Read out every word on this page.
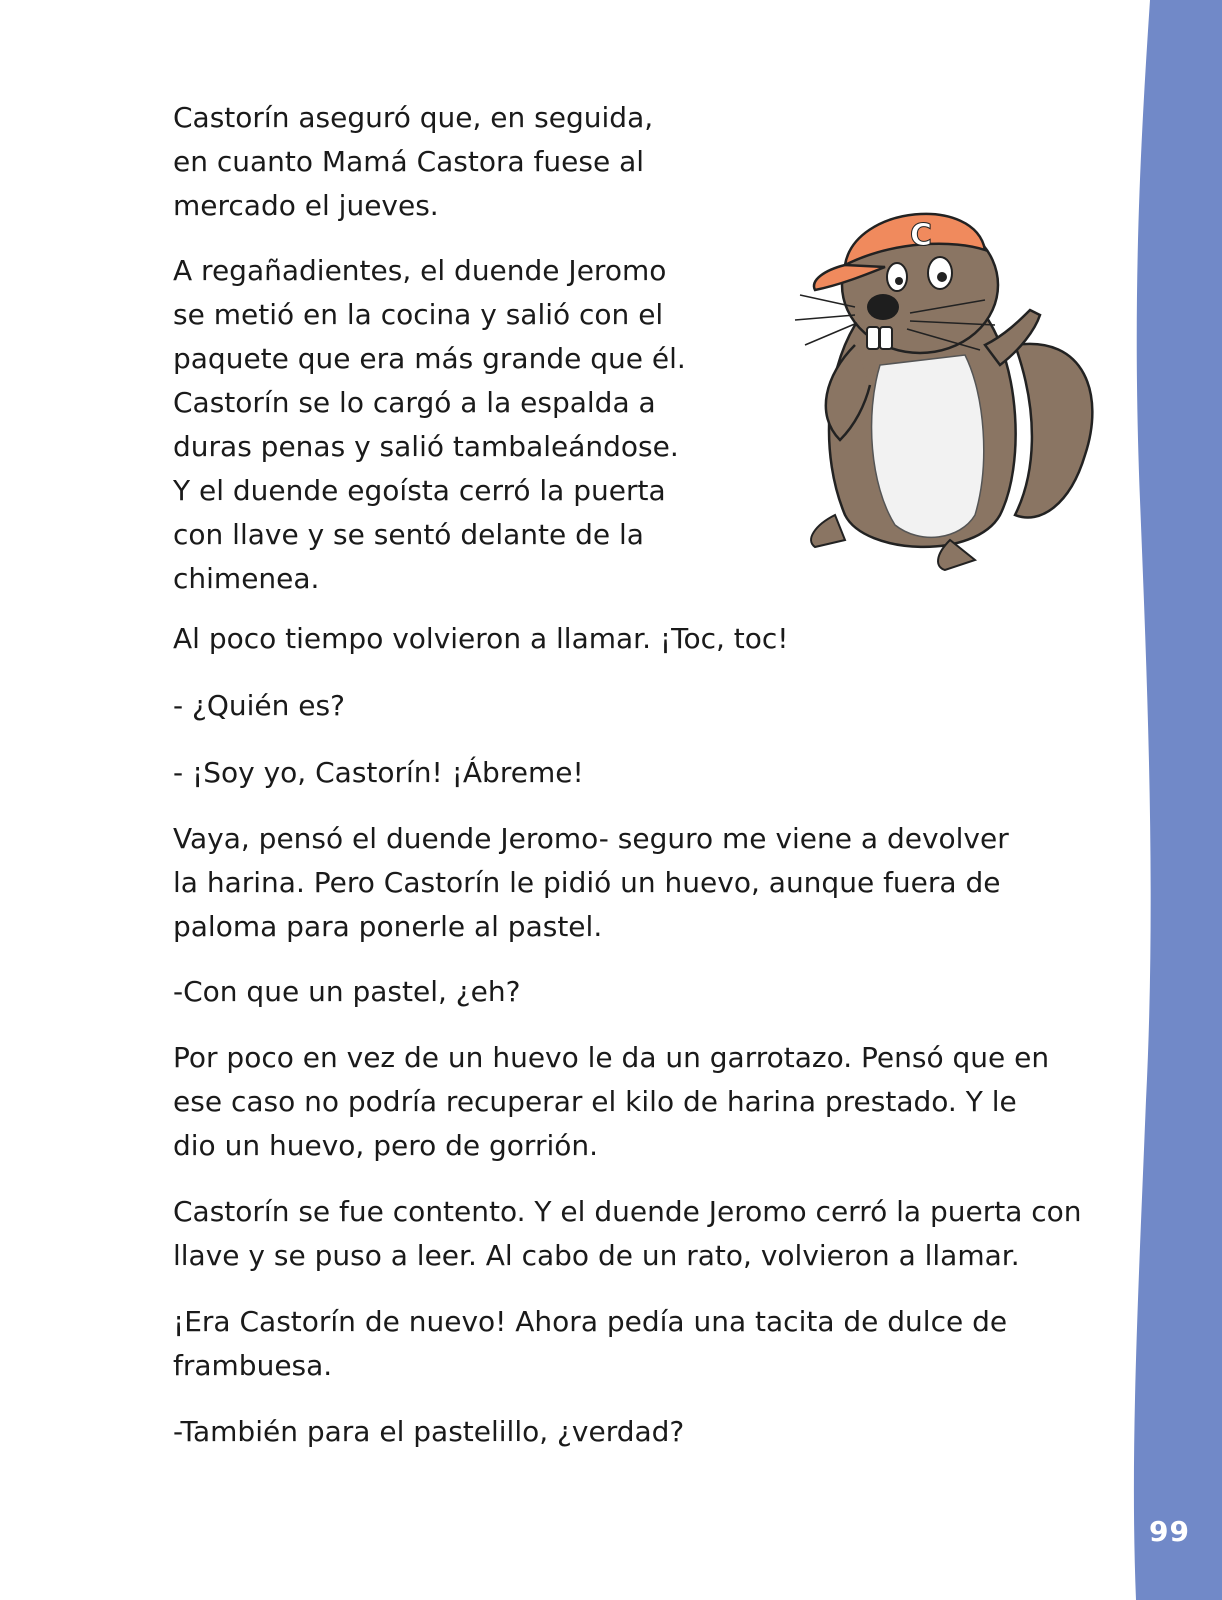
99

Castorín aseguró que, en seguida,
en cuanto Mamá Castora fuese al
mercado el jueves.

A regañadientes, el duende Jeromo
se metió en la cocina y salió con el
paquete que era más grande que él.
Castorín se lo cargó a la espalda a
duras penas y salió tambaleándose.
Y el duende egoísta cerró la puerta
con llave y se sentó delante de la
chimenea.

Al poco tiempo volvieron a llamar. ¡Toc, toc!

- ¿Quién es?

- ¡Soy yo, Castorín! ¡Ábreme!

Vaya, pensó el duende Jeromo- seguro me viene a devolver
la harina. Pero Castorín le pidió un huevo, aunque fuera de
paloma para ponerle al pastel.

-Con que un pastel, ¿eh?

Por poco en vez de un huevo le da un garrotazo. Pensó que en
ese caso no podría recuperar el kilo de harina prestado. Y le
dio un huevo, pero de gorrión.

Castorín se fue contento. Y el duende Jeromo cerró la puerta con
llave y se puso a leer. Al cabo de un rato, volvieron a llamar.

¡Era Castorín de nuevo! Ahora pedía una tacita de dulce de
frambuesa.

-También para el pastelillo, ¿verdad?

C
